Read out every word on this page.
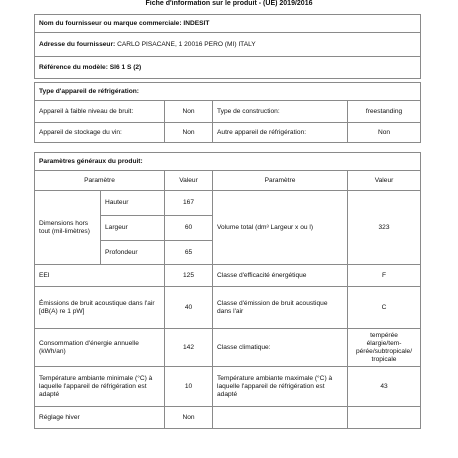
Fiche d'information sur le produit - (UE) 2019/2016
Nom du fournisseur ou marque commerciale: INDESIT
Adresse du fournisseur: CARLO PISACANE, 1 20016 PERO (MI) ITALY
Référence du modèle: SI6 1 S (2)
Type d'appareil de réfrigération:			
Appareil à faible niveau de bruit:	Non	Type de construction:	freestanding
Appareil de stockage du vin:	Non	Autre appareil de réfrigération:	Non
Paramètres généraux du produit:				
Paramètre		Valeur	Paramètre	Valeur
Dimensions hors tout (mil-limètres)	Hauteur	167	Volume total (dm³ Largeur x ou l)	323
	Largeur	60		
	Profondeur	65		
EEI		125	Classe d'efficacité énergétique	F
Émissions de bruit acoustique dans l'air [dB(A) re 1 pW]		40	Classe d'émission de bruit acoustique dans l'air	C
Consommation d'énergie annuelle (kWh/an)		142	Classe climatique:	tempérée élargie/tem-pérée/subtropicale/ tropicale
Température ambiante minimale (°C) à laquelle l'appareil de réfrigération est adapté		10	Température ambiante maximale (°C) à laquelle l'appareil de réfrigération est adapté	43
Réglage hiver		Non		
